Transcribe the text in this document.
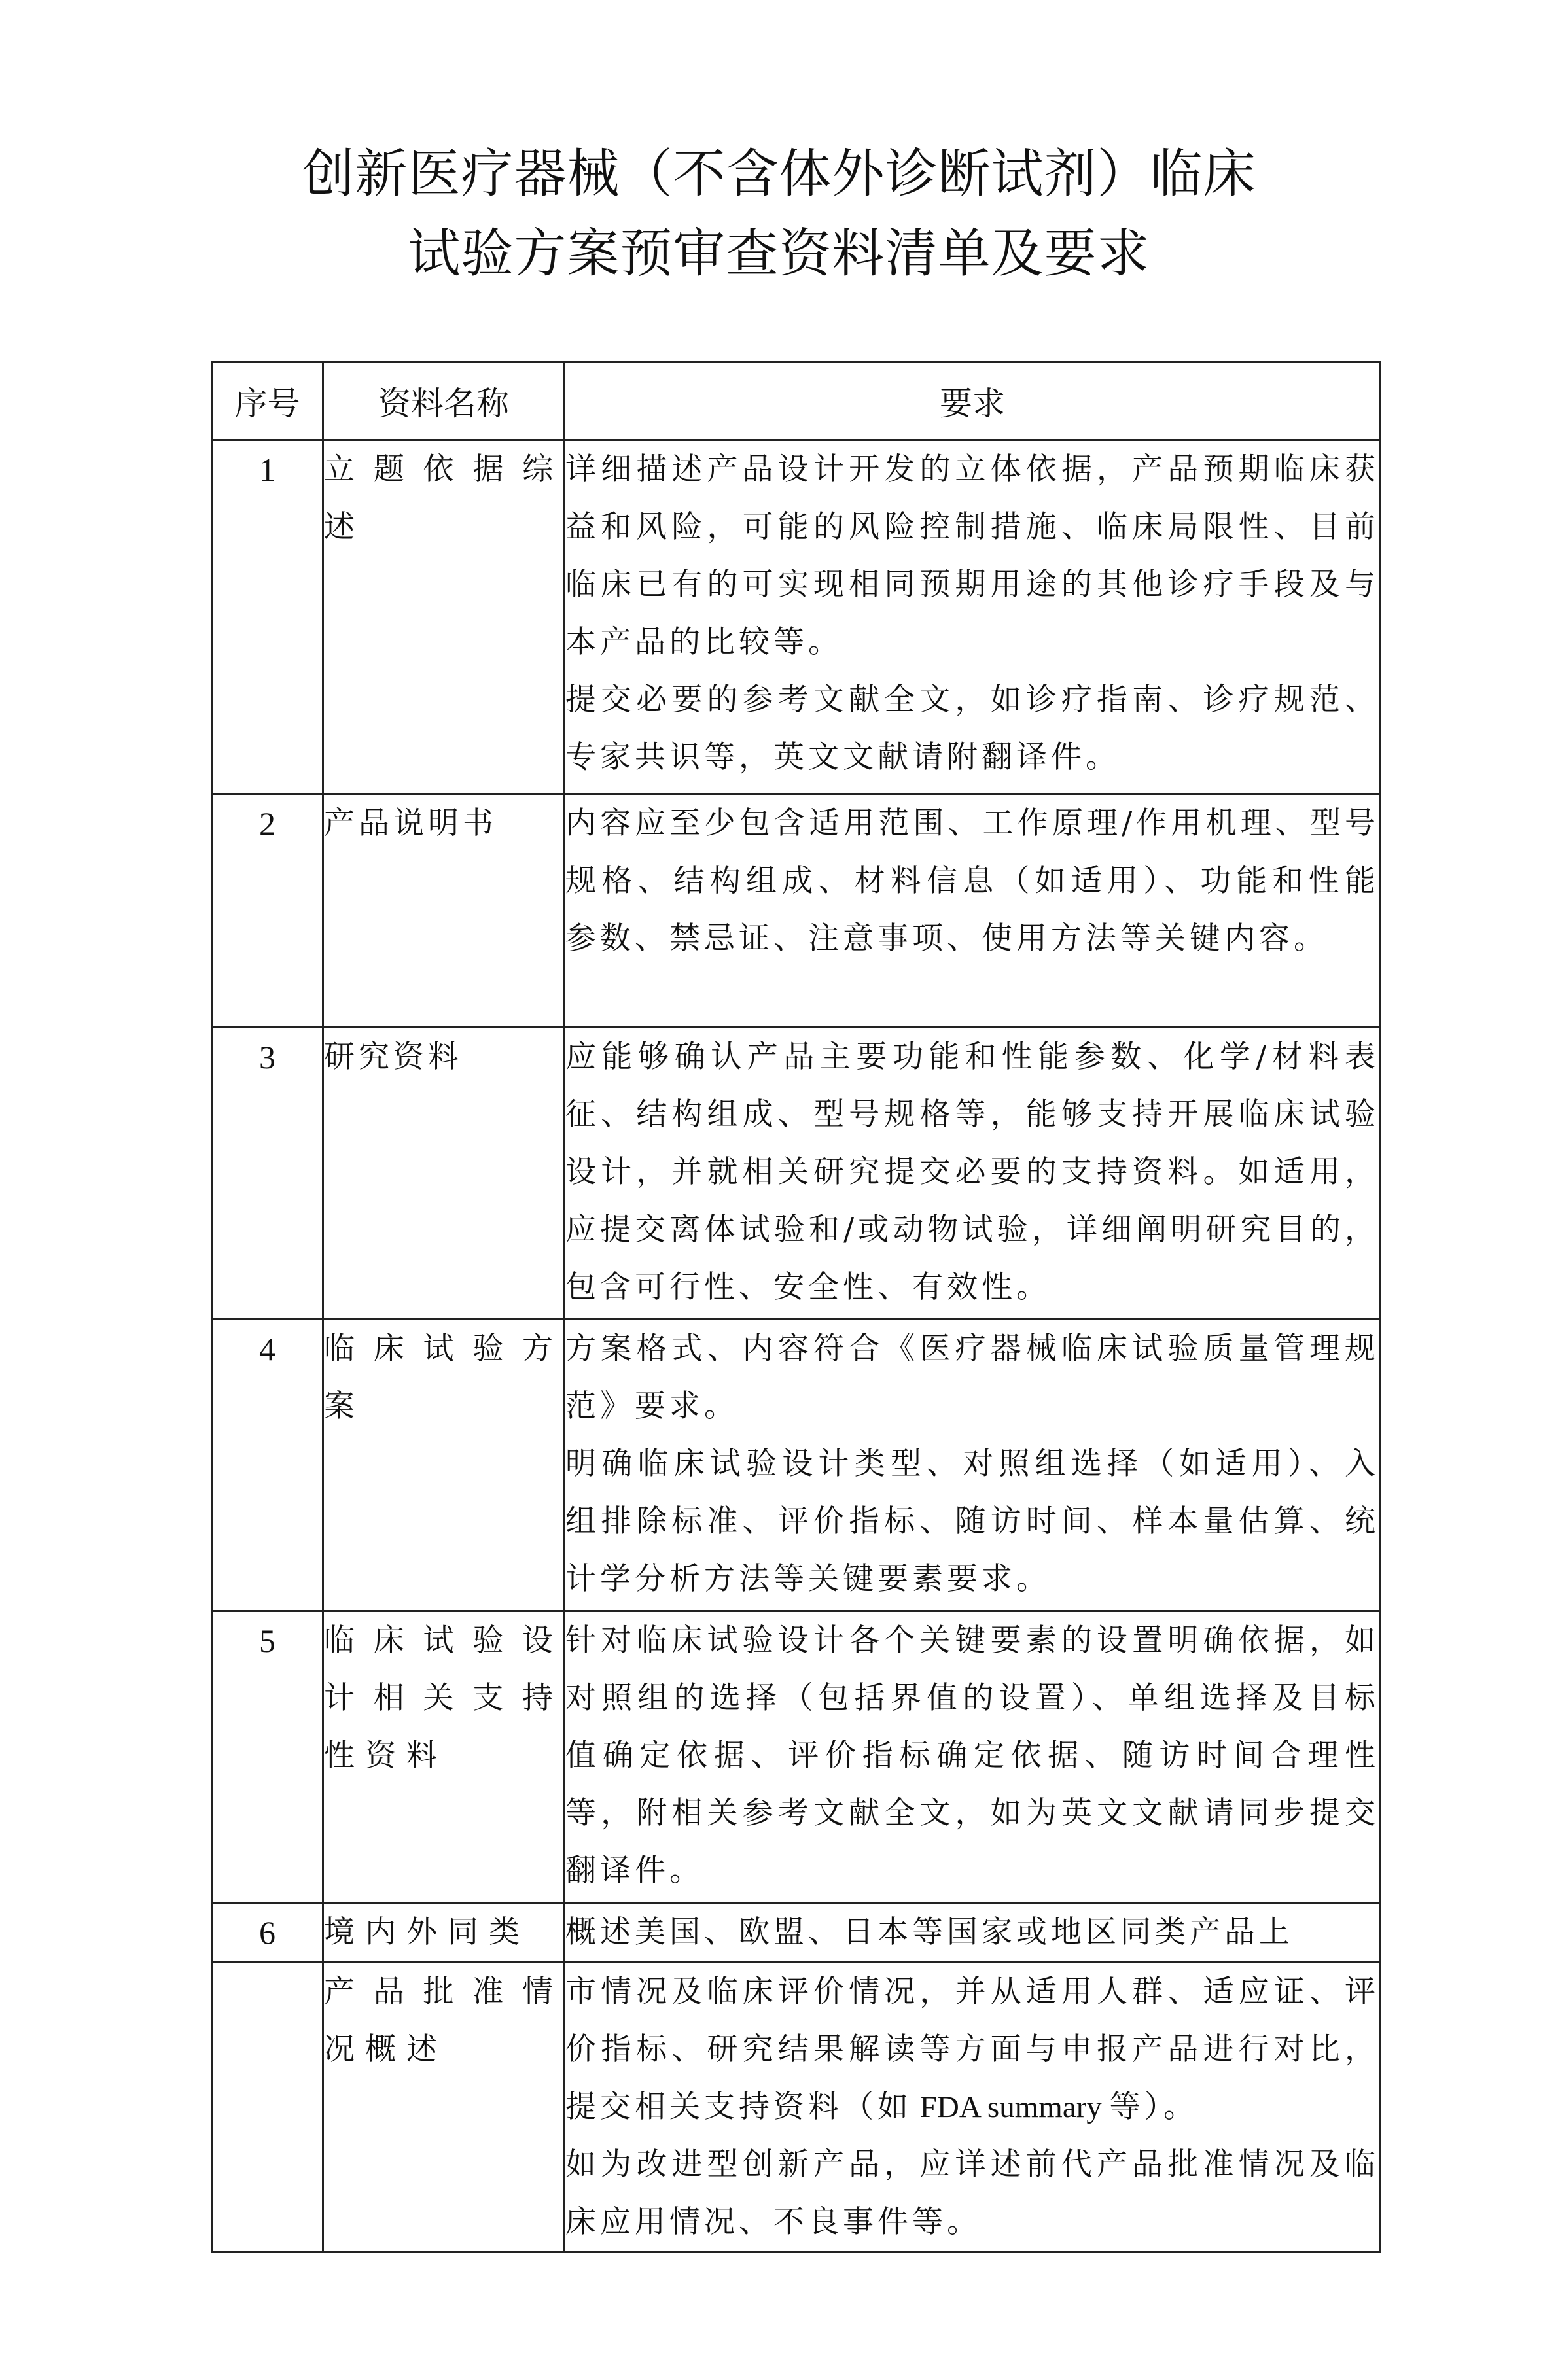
创新医疗器械（不含体外诊断试剂）临床
试验方案预审查资料清单及要求
序号	资料名称	要求
1	立题依据综述	详细描述产品设计开发的立体依据，产品预期临床获益和风险，可能的风险控制措施、临床局限性、目前临床已有的可实现相同预期用途的其他诊疗手段及与本产品的比较等。

提交必要的参考文献全文，如诊疗指南、诊疗规范、专家共识等，英文文献请附翻译件。

2	产品说明书	内容应至少包含适用范围、工作原理/作用机理、型号规格、结构组成、材料信息（如适用）、功能和性能参数、禁忌证、注意事项、使用方法等关键内容。

3	研究资料	应能够确认产品主要功能和性能参数、化学/材料表征、结构组成、型号规格等，能够支持开展临床试验设计，并就相关研究提交必要的支持资料。如适用，应提交离体试验和/或动物试验，详细阐明研究目的，包含可行性、安全性、有效性。

4	临床试验方案	方案格式、内容符合《医疗器械临床试验质量管理规范》要求。

明确临床试验设计类型、对照组选择（如适用）、入组排除标准、评价指标、随访时间、样本量估算、统计学分析方法等关键要素要求。

5	临床试验设计相关支持性资料	针对临床试验设计各个关键要素的设置明确依据，如对照组的选择（包括界值的设置）、单组选择及目标值确定依据、评价指标确定依据、随访时间合理性等，附相关参考文献全文，如为英文文献请同步提交翻译件。

6	境内外同类	概述美国、欧盟、日本等国家或地区同类产品上
	产品批准情况概述	市情况及临床评价情况，并从适用人群、适应证、评价指标、研究结果解读等方面与申报产品进行对比，提交相关支持资料（如 FDA summary 等）。

如为改进型创新产品，应详述前代产品批准情况及临床应用情况、不良事件等。
